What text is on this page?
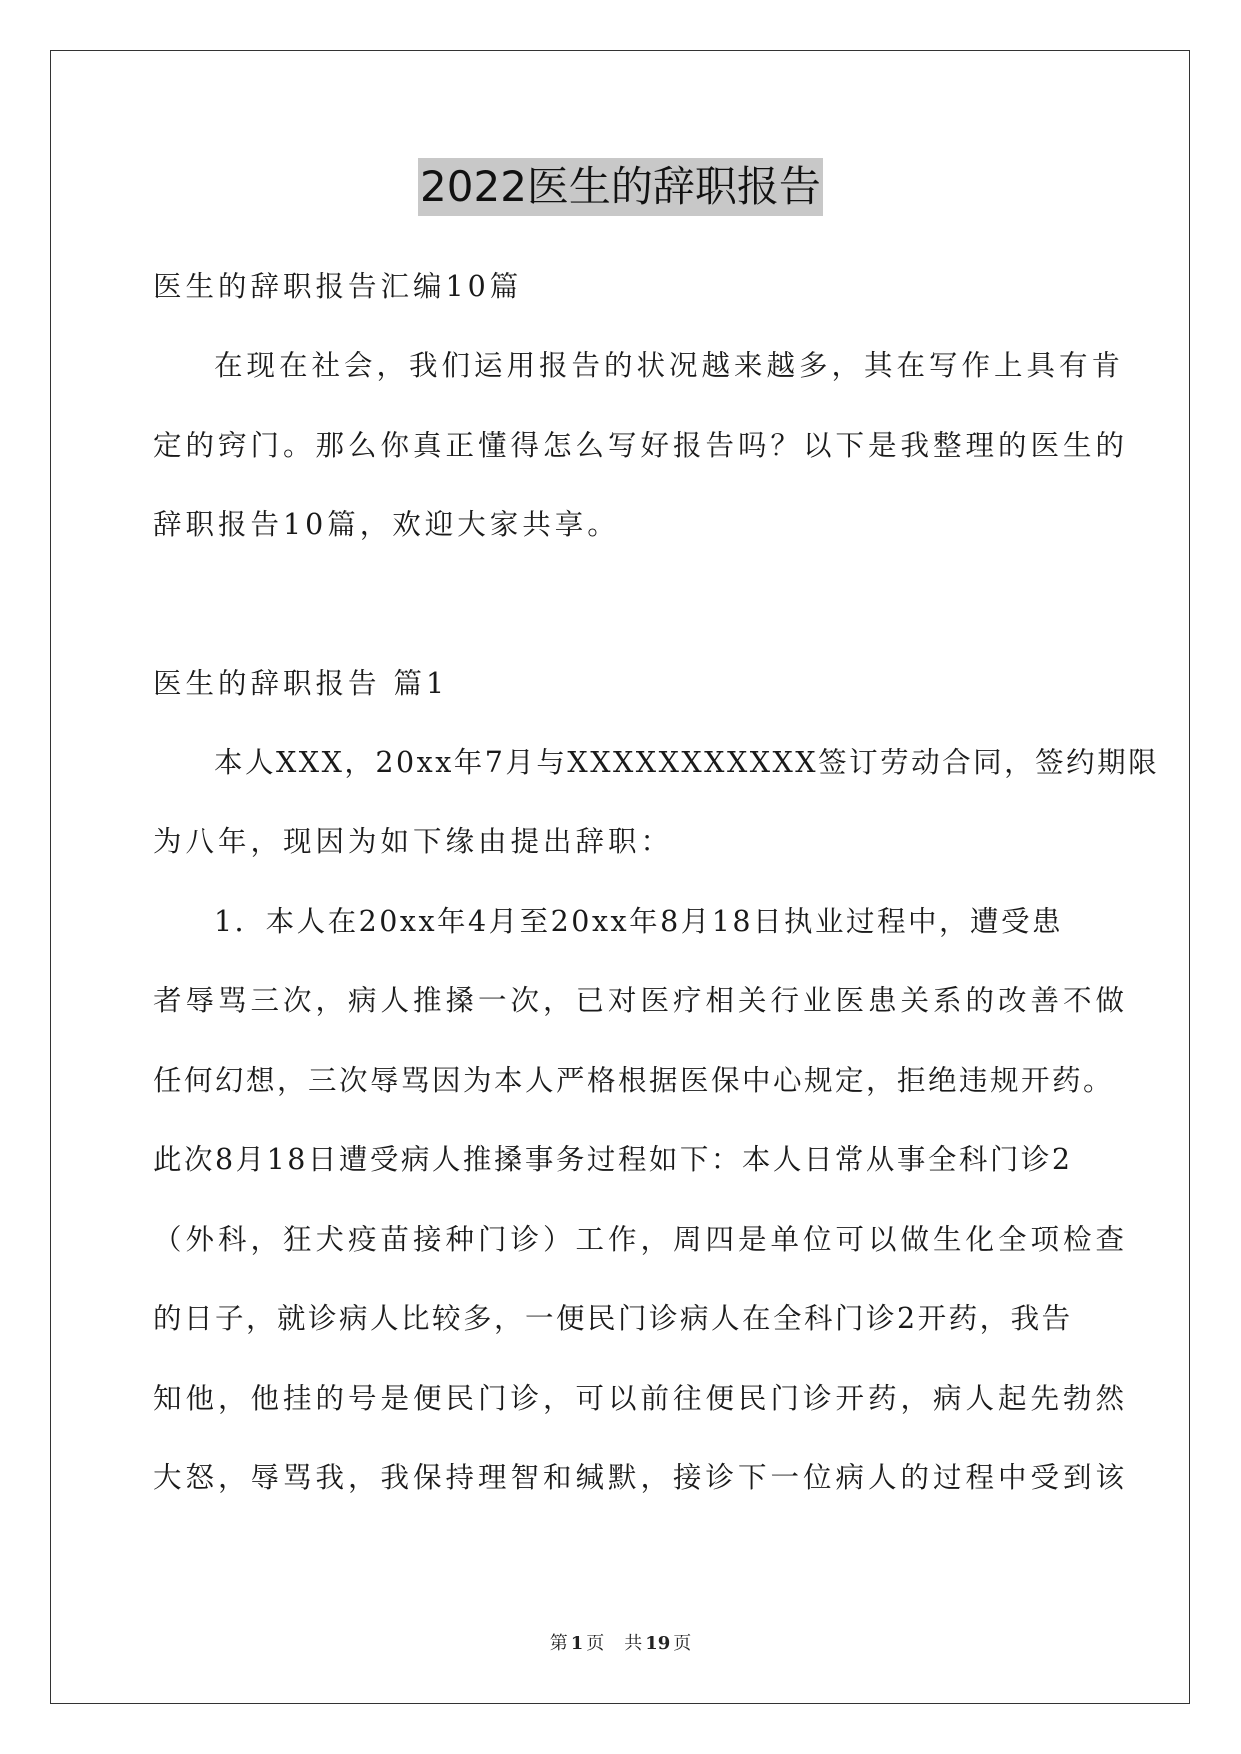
2022医生的辞职报告
医生的辞职报告汇编10篇
在现在社会，我们运用报告的状况越来越多，其在写作上具有肯
定的窍门。那么你真正懂得怎么写好报告吗？以下是我整理的医生的
辞职报告10篇，欢迎大家共享。
医生的辞职报告 篇1
本人XXX，20xx年7月与XXXXXXXXXXX签订劳动合同，签约期限
为八年，现因为如下缘由提出辞职：
1．本人在20xx年4月至20xx年8月18日执业过程中，遭受患
者辱骂三次，病人推搡一次，已对医疗相关行业医患关系的改善不做
任何幻想，三次辱骂因为本人严格根据医保中心规定，拒绝违规开药。
此次8月18日遭受病人推搡事务过程如下：本人日常从事全科门诊2
（外科，狂犬疫苗接种门诊）工作，周四是单位可以做生化全项检查
的日子，就诊病人比较多，一便民门诊病人在全科门诊2开药，我告
知他，他挂的号是便民门诊，可以前往便民门诊开药，病人起先勃然
大怒，辱骂我，我保持理智和缄默，接诊下一位病人的过程中受到该
第 1 页 共 19 页
